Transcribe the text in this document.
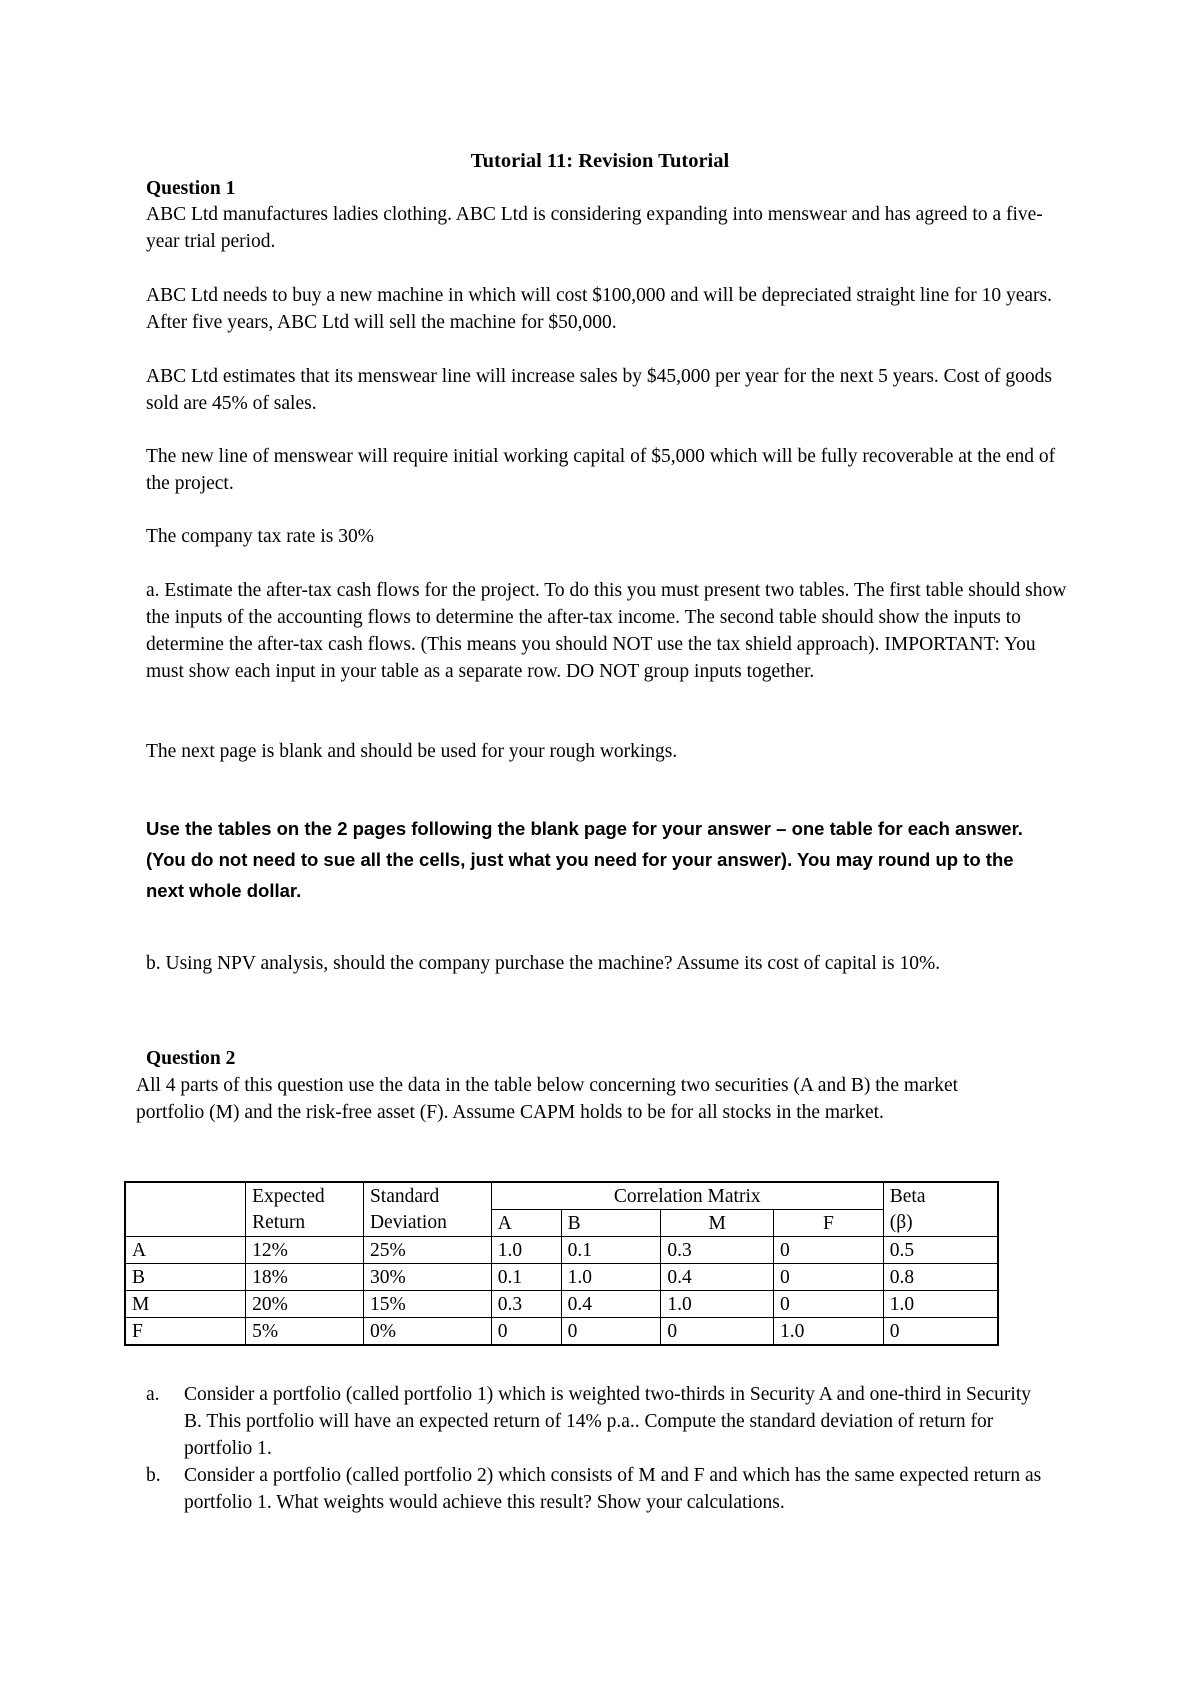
Tutorial 11: Revision Tutorial
Question 1

ABC Ltd manufactures ladies clothing. ABC Ltd is considering expanding into menswear and has agreed to a five-year trial period.

ABC Ltd needs to buy a new machine in which will cost $100,000 and will be depreciated straight line for 10 years. After five years, ABC Ltd will sell the machine for $50,000.

ABC Ltd estimates that its menswear line will increase sales by $45,000 per year for the next 5 years. Cost of goods sold are 45% of sales.

The new line of menswear will require initial working capital of $5,000 which will be fully recoverable at the end of the project.

The company tax rate is 30%

a. Estimate the after-tax cash flows for the project. To do this you must present two tables. The first table should show the inputs of the accounting flows to determine the after-tax income. The second table should show the inputs to determine the after-tax cash flows. (This means you should NOT use the tax shield approach). IMPORTANT: You must show each input in your table as a separate row. DO NOT group inputs together.

The next page is blank and should be used for your rough workings.

Use the tables on the 2 pages following the blank page for your answer – one table for each answer. (You do not need to sue all the cells, just what you need for your answer). You may round up to the next whole dollar.

b. Using NPV analysis, should the company purchase the machine? Assume its cost of capital is 10%.

Question 2

All 4 parts of this question use the data in the table below concerning two securities (A and B) the market portfolio (M) and the risk-free asset (F). Assume CAPM holds to be for all stocks in the market.

	Expected	Standard	Correlation Matrix				Beta
	Return	Deviation	A	B	M	F	(β)
A	12%	25%	1.0	0.1	0.3	0	0.5
B	18%	30%	0.1	1.0	0.4	0	0.8
M	20%	15%	0.3	0.4	1.0	0	1.0
F	5%	0%	0	0	0	1.0	0
a. Consider a portfolio (called portfolio 1) which is weighted two-thirds in Security A and one-third in Security B. This portfolio will have an expected return of 14% p.a.. Compute the standard deviation of return for portfolio 1.
b. Consider a portfolio (called portfolio 2) which consists of M and F and which has the same expected return as portfolio 1. What weights would achieve this result? Show your calculations.
